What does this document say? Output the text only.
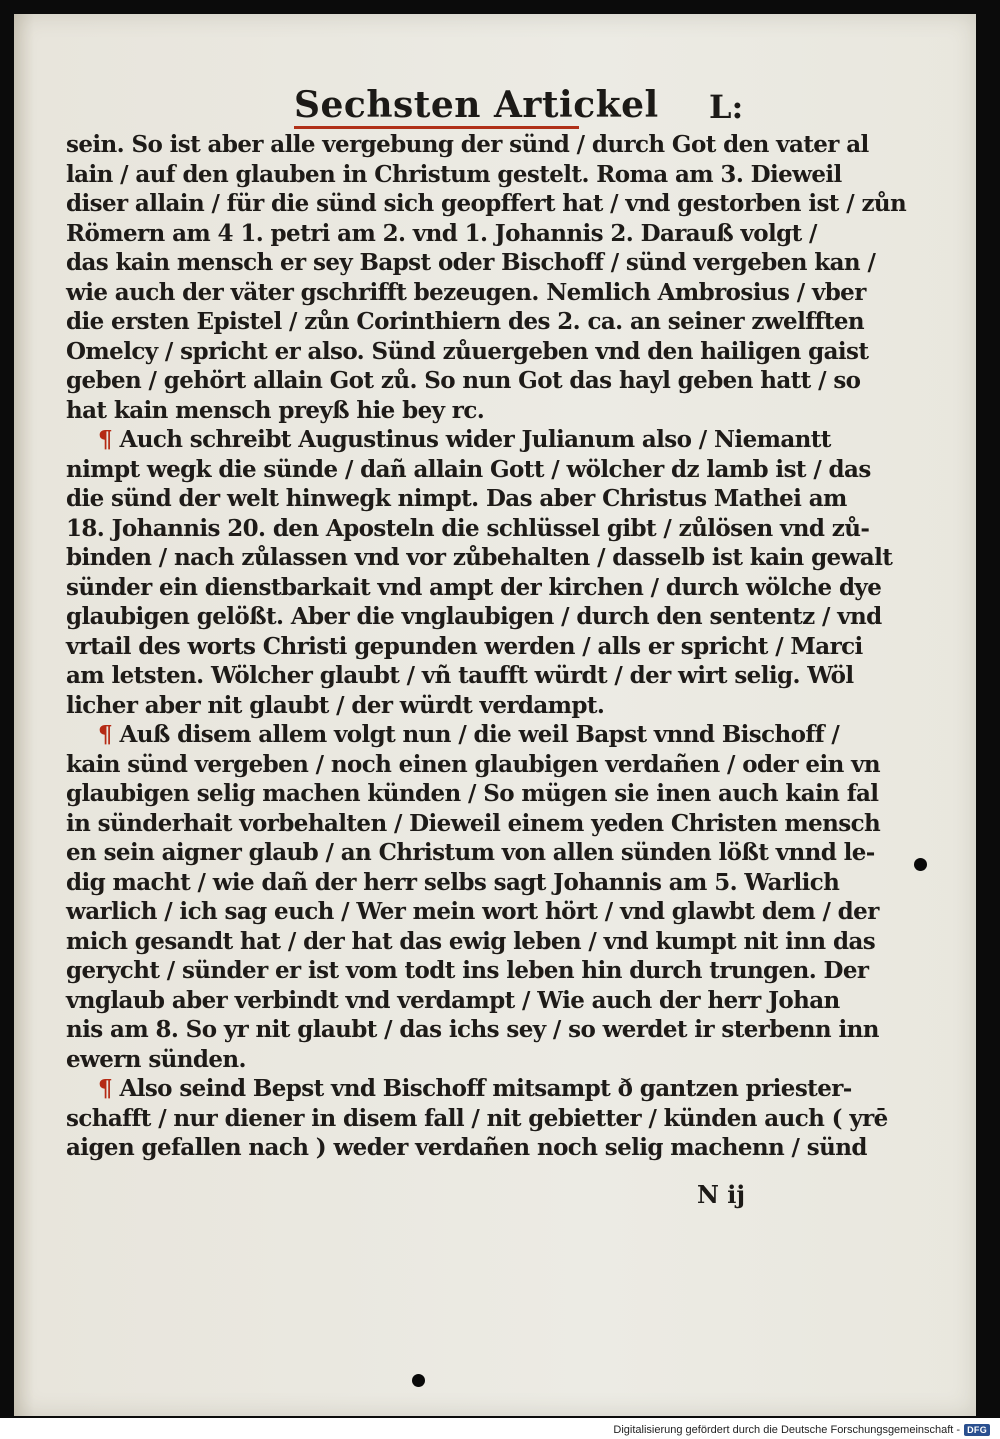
Sechsten Artickel L:
sein. So ist aber alle vergebung der sünd / durch Got den vater al
lain / auf den glauben in Christum gestelt. Roma am 3. Dieweil
diser allain / für die sünd sich geopffert hat / vnd gestorben ist / zůn
Römern am 4 1. petri am 2. vnd 1. Johannis 2. Darauß volgt /
das kain mensch er sey Bapst oder Bischoff / sünd vergeben kan /
wie auch der väter gschrifft bezeugen. Nemlich Ambrosius / vber
die ersten Epistel / zůn Corinthiern des 2. ca. an seiner zwelfften
Omelcy / spricht er also. Sünd zůuergeben vnd den hailigen gaist
geben / gehört allain Got zů. So nun Got das hayl geben hatt / so
hat kain mensch preyß hie bey rc.
¶ Auch schreibt Augustinus wider Julianum also / Niemantt
nimpt wegk die sünde / dañ allain Gott / wölcher dz lamb ist / das
die sünd der welt hinwegk nimpt. Das aber Christus Mathei am
18. Johannis 20. den Aposteln die schlüssel gibt / zůlösen vnd zů-
binden / nach zůlassen vnd vor zůbehalten / dasselb ist kain gewalt
sünder ein dienstbarkait vnd ampt der kirchen / durch wölche dye
glaubigen gelößt. Aber die vnglaubigen / durch den sententz / vnd
vrtail des worts Christi gepunden werden / alls er spricht / Marci
am letsten. Wölcher glaubt / vñ taufft würdt / der wirt selig. Wöl
licher aber nit glaubt / der würdt verdampt.
¶ Auß disem allem volgt nun / die weil Bapst vnnd Bischoff /
kain sünd vergeben / noch einen glaubigen verdañen / oder ein vn
glaubigen selig machen künden / So mügen sie inen auch kain fal
in sünderhait vorbehalten / Dieweil einem yeden Christen mensch
en sein aigner glaub / an Christum von allen sünden lößt vnnd le-
dig macht / wie dañ der herr selbs sagt Johannis am 5. Warlich
warlich / ich sag euch / Wer mein wort hört / vnd glawbt dem / der
mich gesandt hat / der hat das ewig leben / vnd kumpt nit inn das
gerycht / sünder er ist vom todt ins leben hin durch trungen. Der
vnglaub aber verbindt vnd verdampt / Wie auch der herr Johan
nis am 8. So yr nit glaubt / das ichs sey / so werdet ir sterbenn inn
ewern sünden.
¶ Also seind Bepst vnd Bischoff mitsampt ð gantzen priester-
schafft / nur diener in disem fall / nit gebietter / künden auch ( yrē
aigen gefallen nach ) weder verdañen noch selig machenn / sünd
N ij
Digitalisierung gefördert durch die Deutsche Forschungsgemeinschaft - DFG
